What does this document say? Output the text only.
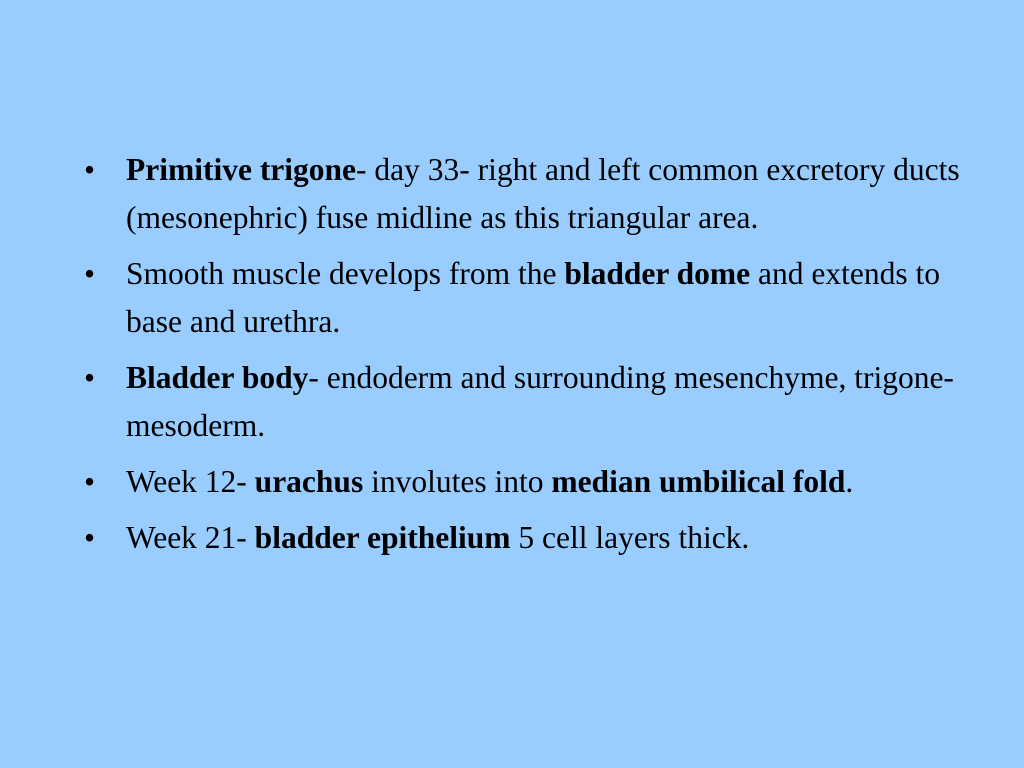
• Primitive trigone- day 33- right and left common excretory ducts (mesonephric) fuse midline as this triangular area.
• Smooth muscle develops from the bladder dome and extends to base and urethra.
• Bladder body- endoderm and surrounding mesenchyme, trigone- mesoderm.
• Week 12- urachus involutes into median umbilical fold.
• Week 21- bladder epithelium 5 cell layers thick.
